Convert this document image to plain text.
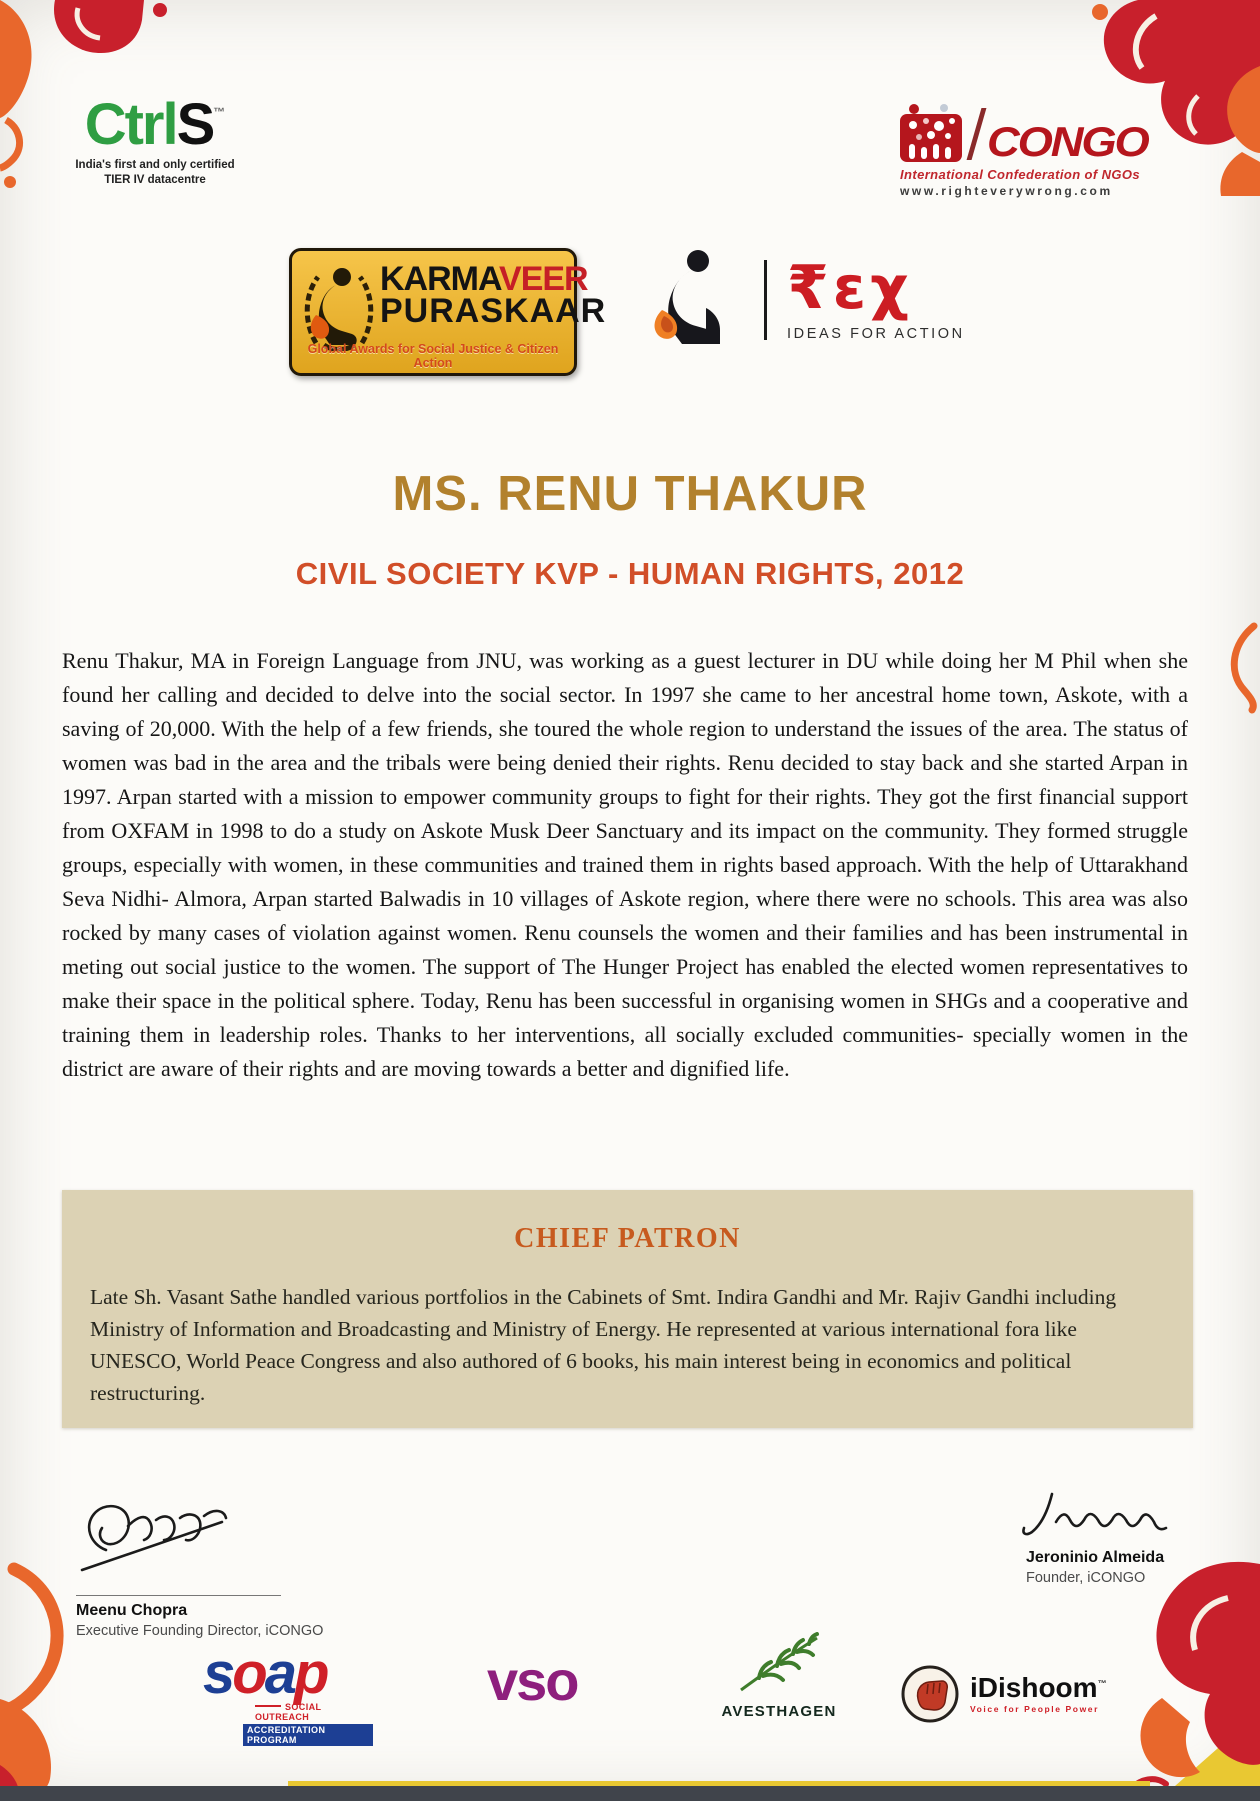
CtrlS™
India's first and only certified
TIER IV datacentre
CONGO
International Confederation of NGOs
www.righteverywrong.com
KARMAVEER
PURASKAAR
Global Awards for Social Justice & Citizen Action
₹εχ
IDEAS FOR ACTION
MS. RENU THAKUR
CIVIL SOCIETY KVP - HUMAN RIGHTS, 2012

Renu Thakur, MA in Foreign Language from JNU, was working as a guest lecturer in DU while doing her M Phil when she found her calling and decided to delve into the social sector. In 1997 she came to her ancestral home town, Askote, with a saving of 20,000. With the help of a few friends, she toured the whole region to understand the issues of the area. The status of women was bad in the area and the tribals were being denied their rights. Renu decided to stay back and she started Arpan in 1997. Arpan started with a mission to empower community groups to fight for their rights. They got the first financial support from OXFAM in 1998 to do a study on Askote Musk Deer Sanctuary and its impact on the community. They formed struggle groups, especially with women, in these communities and trained them in rights based approach. With the help of Uttarakhand Seva Nidhi- Almora, Arpan started Balwadis in 10 villages of Askote region, where there were no schools. This area was also rocked by many cases of violation against women. Renu counsels the women and their families and has been instrumental in meting out social justice to the women. The support of The Hunger Project has enabled the elected women representatives to make their space in the political sphere. Today, Renu has been successful in organising women in SHGs and a cooperative and training them in leadership roles. Thanks to her interventions, all socially excluded communities- specially women in the district are aware of their rights and are moving towards a better and dignified life.

CHIEF PATRON
Late Sh. Vasant Sathe handled various portfolios in the Cabinets of Smt. Indira Gandhi and Mr. Rajiv Gandhi including Ministry of Information and Broadcasting and Ministry of Energy. He represented at various international fora like UNESCO, World Peace Congress and also authored of 6 books, his main interest being in economics and political restructuring.
Meenu Chopra
Executive Founding Director, iCONGO
Jeroninio Almeida
Founder, iCONGO
soap
SOCIAL OUTREACH
ACCREDITATION PROGRAM
vso	AVESTHAGEN
iDishoom™
Voice for People Power
